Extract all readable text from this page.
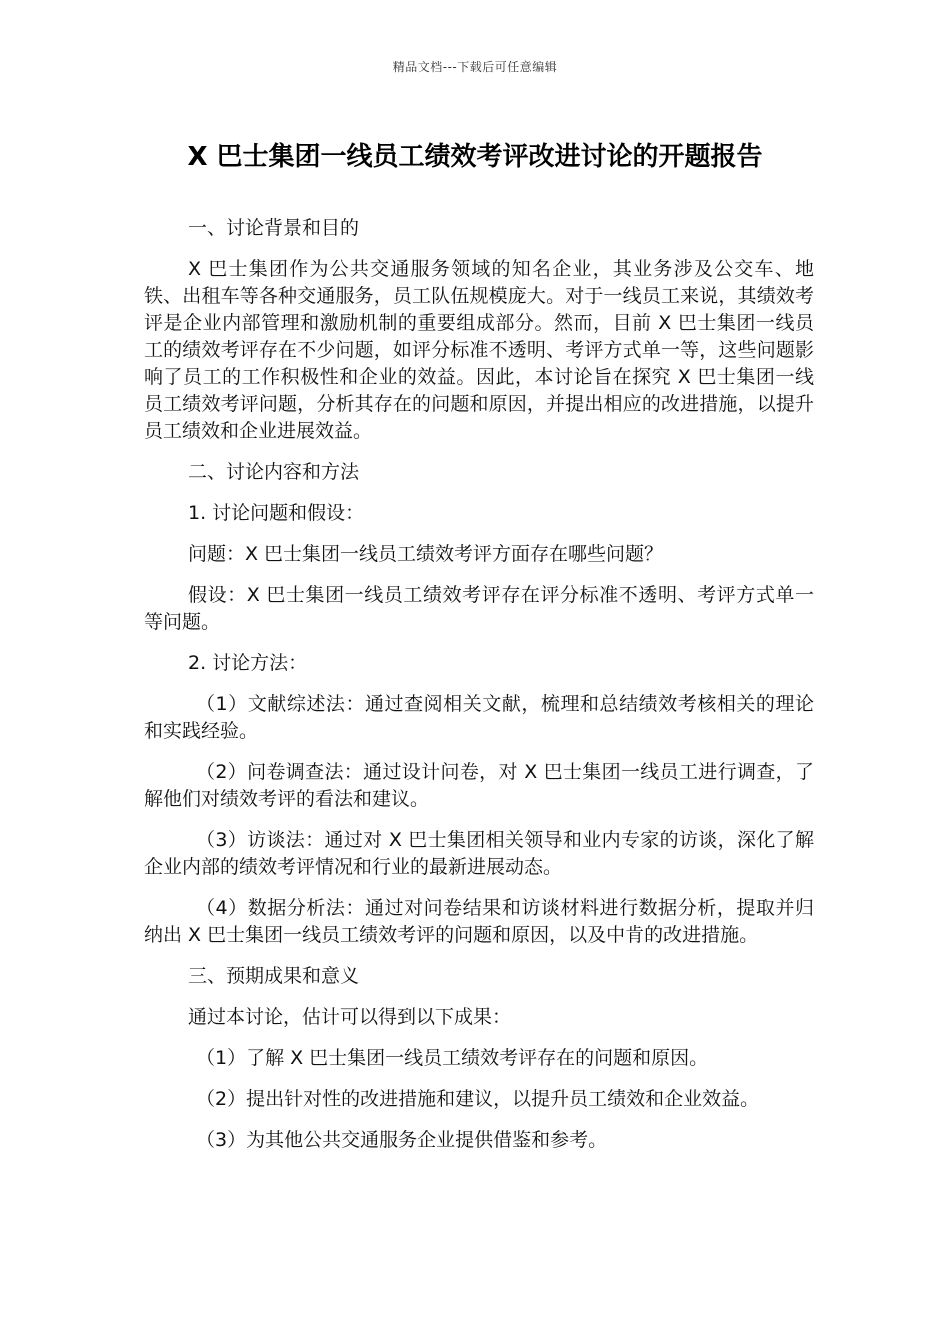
精品文档---下载后可任意编辑
X 巴士集团一线员工绩效考评改进讨论的开题报告

一、讨论背景和目的

X 巴士集团作为公共交通服务领域的知名企业，其业务涉及公交车、地铁、出租车等各种交通服务，员工队伍规模庞大。对于一线员工来说，其绩效考评是企业内部管理和激励机制的重要组成部分。然而，目前 X 巴士集团一线员工的绩效考评存在不少问题，如评分标准不透明、考评方式单一等，这些问题影响了员工的工作积极性和企业的效益。因此，本讨论旨在探究 X 巴士集团一线员工绩效考评问题，分析其存在的问题和原因，并提出相应的改进措施，以提升员工绩效和企业进展效益。

二、讨论内容和方法

1. 讨论问题和假设：

问题：X 巴士集团一线员工绩效考评方面存在哪些问题？

假设：X 巴士集团一线员工绩效考评存在评分标准不透明、考评方式单一等问题。

2. 讨论方法：

（1）文献综述法：通过查阅相关文献，梳理和总结绩效考核相关的理论和实践经验。

（2）问卷调查法：通过设计问卷，对 X 巴士集团一线员工进行调查，了解他们对绩效考评的看法和建议。

（3）访谈法：通过对 X 巴士集团相关领导和业内专家的访谈，深化了解企业内部的绩效考评情况和行业的最新进展动态。

（4）数据分析法：通过对问卷结果和访谈材料进行数据分析，提取并归纳出 X 巴士集团一线员工绩效考评的问题和原因，以及中肯的改进措施。

三、预期成果和意义

通过本讨论，估计可以得到以下成果：

（1）了解 X 巴士集团一线员工绩效考评存在的问题和原因。

（2）提出针对性的改进措施和建议，以提升员工绩效和企业效益。

（3）为其他公共交通服务企业提供借鉴和参考。
